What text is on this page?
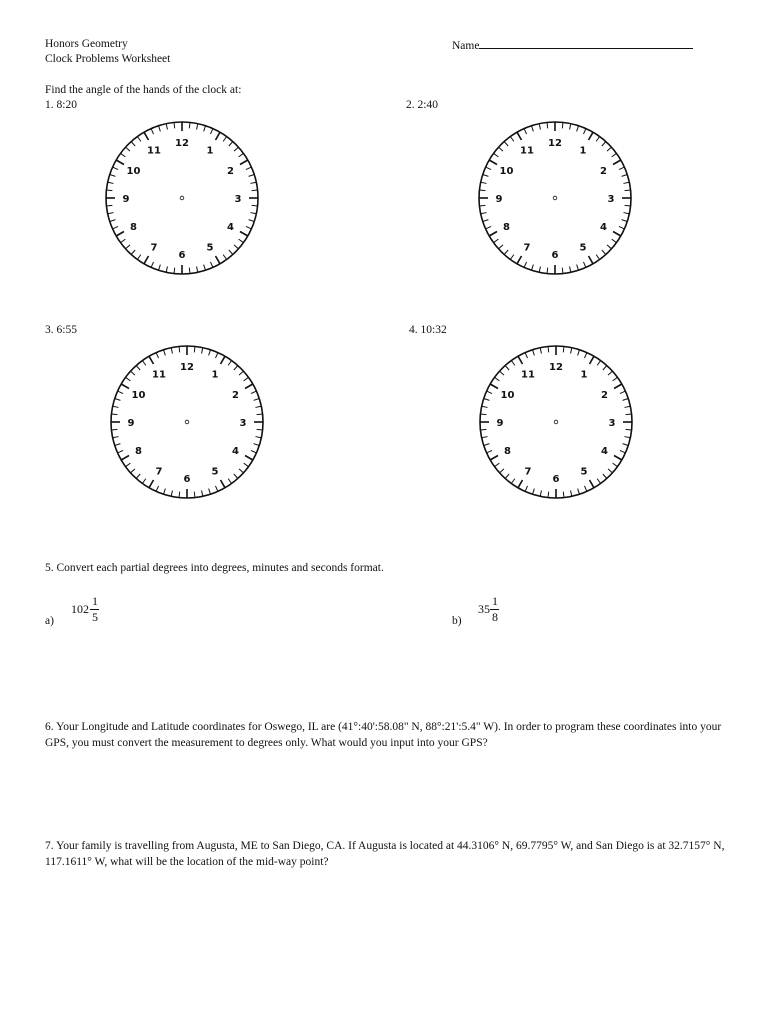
Honors Geometry
Clock Problems Worksheet
Name
Find the angle of the hands of the clock at:
1. 8:20	2. 2:40
3. 6:55	4. 10:32
12
1
2
3
4
5
6
7
8
9
10
11
12
1
2
3
4
5
6
7
8
9
10
11
12
1
2
3
4
5
6
7
8
9
10
11
12
1
2
3
4
5
6
7
8
9
10
11
5. Convert each partial degrees into degrees, minutes and seconds format.
a)
102
1
5	b)
35
1
8
6. Your Longitude and Latitude coordinates for Oswego, IL are (41°:40':58.08" N, 88°:21':5.4" W). In order to program these coordinates into your GPS, you must convert the measurement to degrees only. What would you input into your GPS?
7. Your family is travelling from Augusta, ME to San Diego, CA. If Augusta is located at 44.3106° N, 69.7795° W, and San Diego is at 32.7157° N, 117.1611° W, what will be the location of the mid-way point?
